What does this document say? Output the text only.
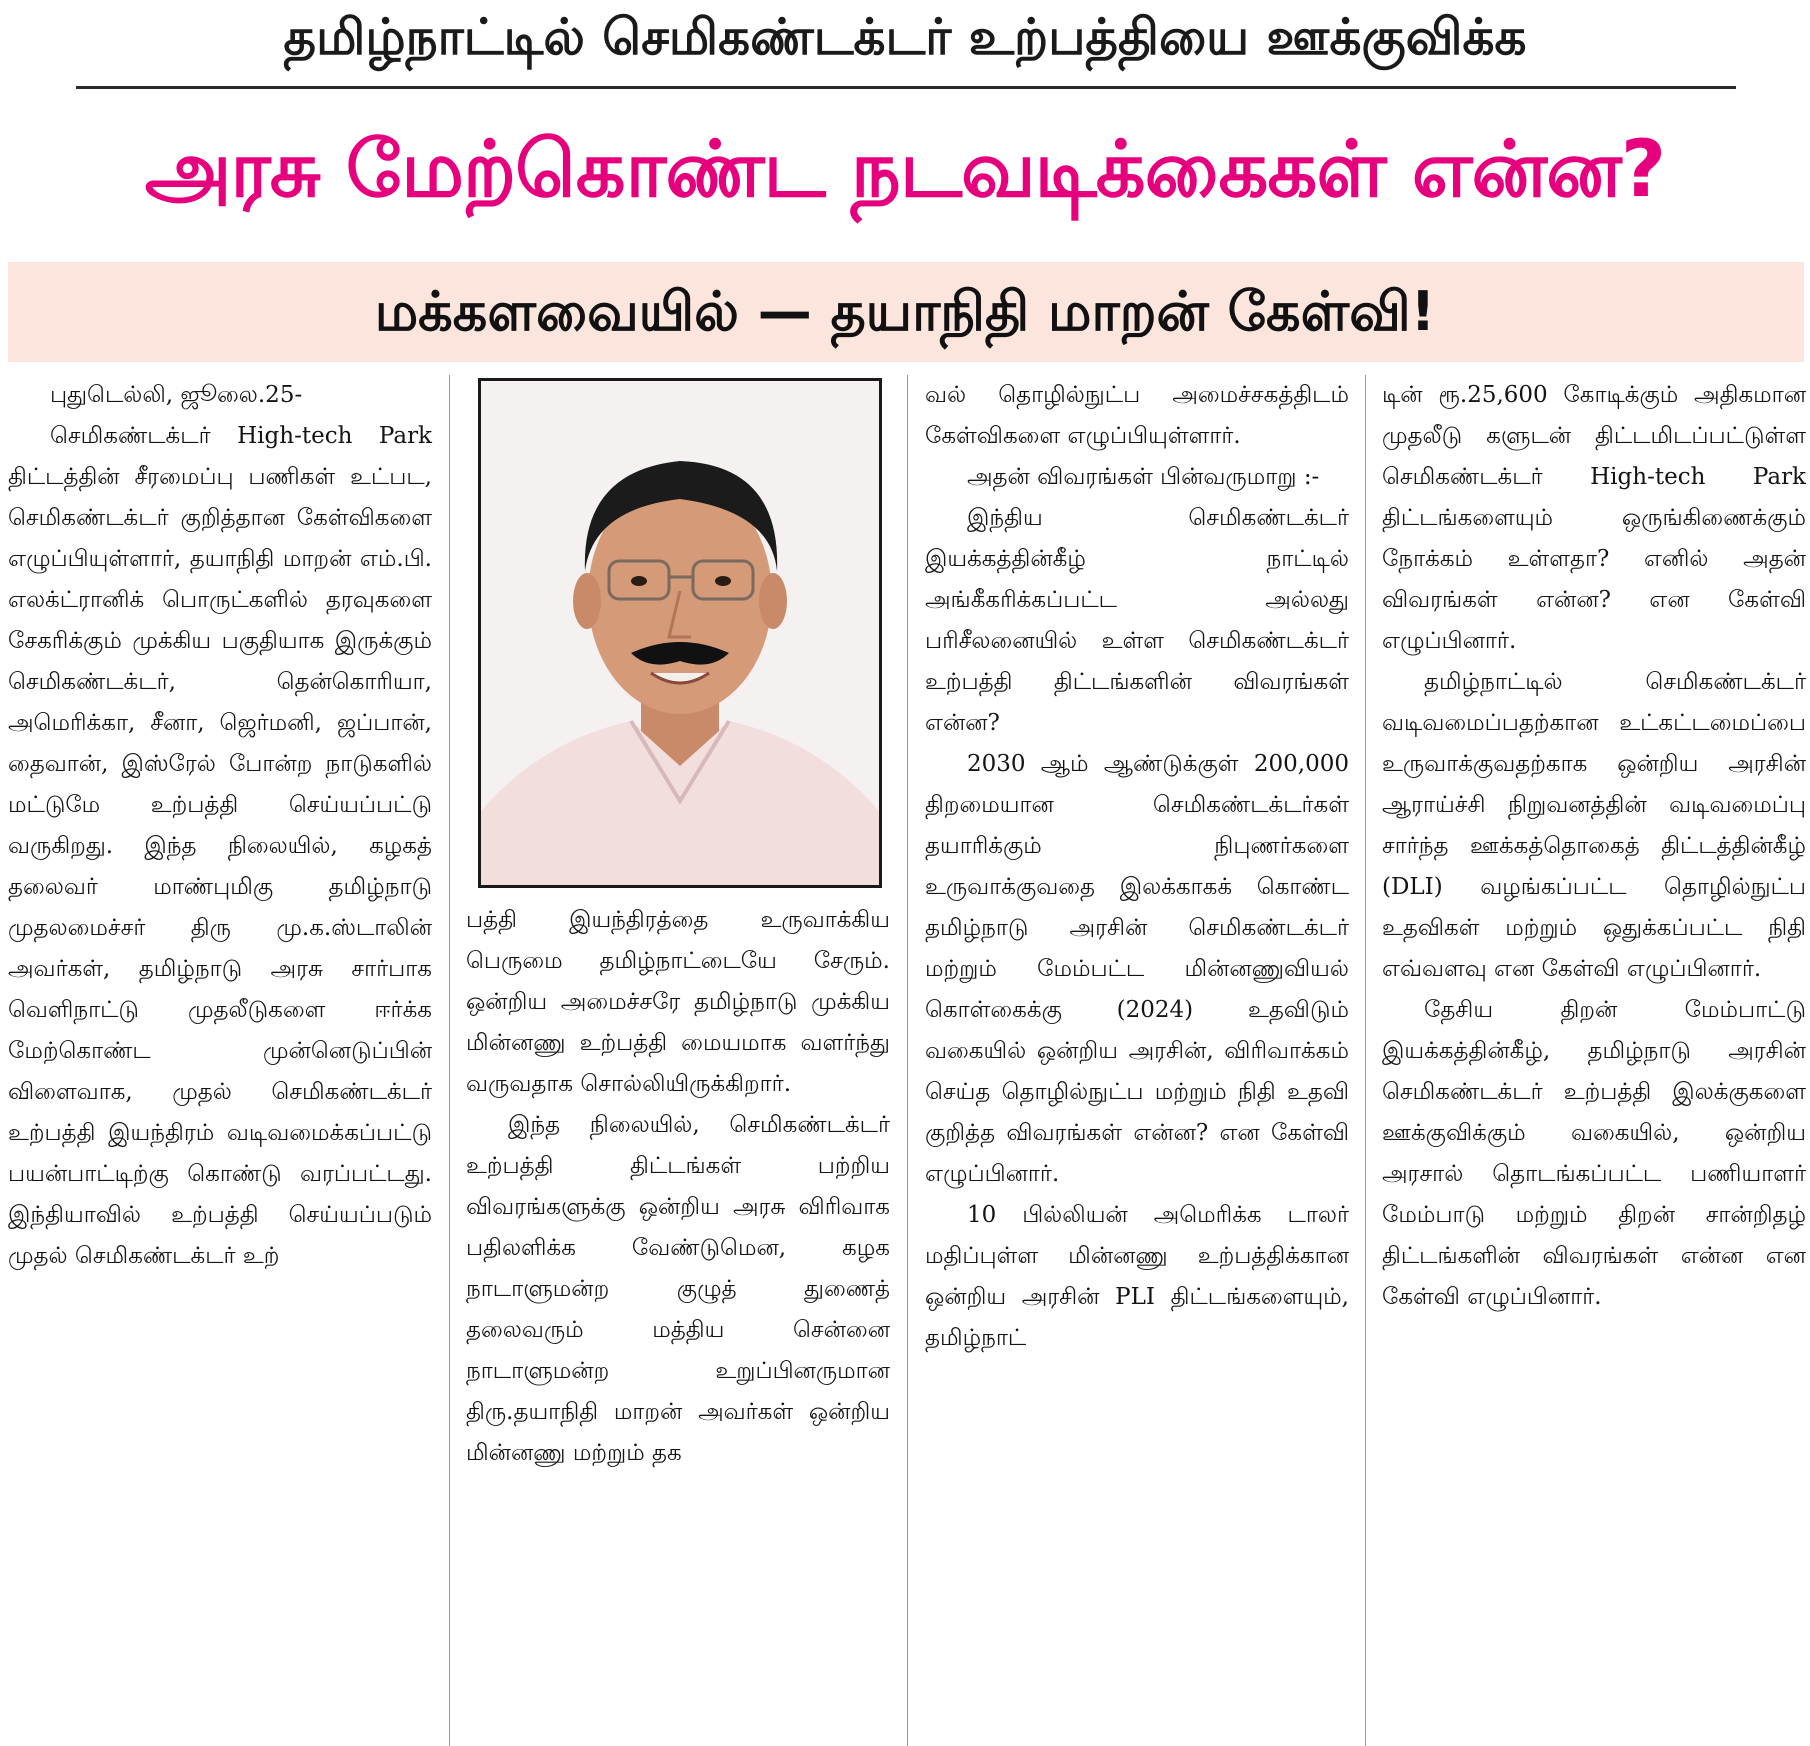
தமிழ்நாட்டில் செமிகண்டக்டர் உற்பத்தியை ஊக்குவிக்க
அரசு மேற்கொண்ட நடவடிக்கைகள் என்ன?
மக்களவையில் — தயாநிதி மாறன் கேள்வி!

புதுடெல்லி, ஜூலை.25-

செமிகண்டக்டர் High-tech Park திட்டத்தின் சீரமைப்பு பணிகள் உட்பட, செமிகண்டக்டர் குறித்தான கேள்விகளை எழுப்பியுள்ளார், தயாநிதி மாறன் எம்.பி. எலக்ட்ரானிக் பொருட்களில் தரவுகளை சேகரிக்கும் முக்கிய பகுதியாக இருக்கும் செமிகண்டக்டர், தென்கொரியா, அமெரிக்கா, சீனா, ஜெர்மனி, ஜப்பான், தைவான், இஸ்ரேல் போன்ற நாடுகளில் மட்டுமே உற்பத்தி செய்யப்பட்டு வருகிறது. இந்த நிலையில், கழகத் தலைவர் மாண்புமிகு தமிழ்நாடு முதலமைச்சர் திரு மு.க.ஸ்டாலின் அவர்கள், தமிழ்நாடு அரசு சார்பாக வெளிநாட்டு முதலீடுகளை ஈர்க்க மேற்கொண்ட முன்னெடுப்பின் விளைவாக, முதல் செமிகண்டக்டர் உற்பத்தி இயந்திரம் வடிவமைக்கப்பட்டு பயன்பாட்டிற்கு கொண்டு வரப்பட்டது. இந்தியாவில் உற்பத்தி செய்யப்படும் முதல் செமிகண்டக்டர் உற்

பத்தி இயந்திரத்தை உருவாக்கிய பெருமை தமிழ்நாட்டையே சேரும். ஒன்றிய அமைச்சரே தமிழ்நாடு முக்கிய மின்னணு உற்பத்தி மையமாக வளர்ந்து வருவதாக சொல்லியிருக்கிறார்.

இந்த நிலையில், செமிகண்டக்டர் உற்பத்தி திட்டங்கள் பற்றிய விவரங்களுக்கு ஒன்றிய அரசு விரிவாக பதிலளிக்க வேண்டுமென, கழக நாடாளுமன்ற குழுத் துணைத் தலைவரும் மத்திய சென்னை நாடாளுமன்ற உறுப்பினருமான திரு.தயாநிதி மாறன் அவர்கள் ஒன்றிய மின்னணு மற்றும் தக

வல் தொழில்நுட்ப அமைச்சகத்திடம் கேள்விகளை எழுப்பியுள்ளார்.

அதன் விவரங்கள் பின்வருமாறு :-

இந்திய செமிகண்டக்டர் இயக்கத்தின்கீழ் நாட்டில் அங்கீகரிக்கப்பட்ட அல்லது பரிசீலனையில் உள்ள செமிகண்டக்டர் உற்பத்தி திட்டங்களின் விவரங்கள் என்ன?

2030 ஆம் ஆண்டுக்குள் 200,000 திறமையான செமிகண்டக்டர்கள் தயாரிக்கும் நிபுணர்களை உருவாக்குவதை இலக்காகக் கொண்ட தமிழ்நாடு அரசின் செமிகண்டக்டர் மற்றும் மேம்பட்ட மின்னணுவியல் கொள்கைக்கு (2024) உதவிடும் வகையில் ஒன்றிய அரசின், விரிவாக்கம் செய்த தொழில்நுட்ப மற்றும் நிதி உதவி குறித்த விவரங்கள் என்ன? என கேள்வி எழுப்பினார்.

10 பில்லியன் அமெரிக்க டாலர் மதிப்புள்ள மின்னணு உற்பத்திக்கான ஒன்றிய அரசின் PLI திட்டங்களையும், தமிழ்நாட்

டின் ரூ.25,600 கோடிக்கும் அதிகமான முதலீடு களுடன் திட்டமிடப்பட்டுள்ள செமிகண்டக்டர் High-tech Park திட்டங்களையும் ஒருங்கிணைக்கும் நோக்கம் உள்ளதா? எனில் அதன் விவரங்கள் என்ன? என கேள்வி எழுப்பினார்.

தமிழ்நாட்டில் செமிகண்டக்டர் வடிவமைப்பதற்கான உட்கட்டமைப்பை உருவாக்குவதற்காக ஒன்றிய அரசின் ஆராய்ச்சி நிறுவனத்தின் வடிவமைப்பு சார்ந்த ஊக்கத்தொகைத் திட்டத்தின்கீழ் (DLI) வழங்கப்பட்ட தொழில்நுட்ப உதவிகள் மற்றும் ஒதுக்கப்பட்ட நிதி எவ்வளவு என கேள்வி எழுப்பினார்.

தேசிய திறன் மேம்பாட்டு இயக்கத்தின்கீழ், தமிழ்நாடு அரசின் செமிகண்டக்டர் உற்பத்தி இலக்குகளை ஊக்குவிக்கும் வகையில், ஒன்றிய அரசால் தொடங்கப்பட்ட பணியாளர் மேம்பாடு மற்றும் திறன் சான்றிதழ் திட்டங்களின் விவரங்கள் என்ன என கேள்வி எழுப்பினார்.
